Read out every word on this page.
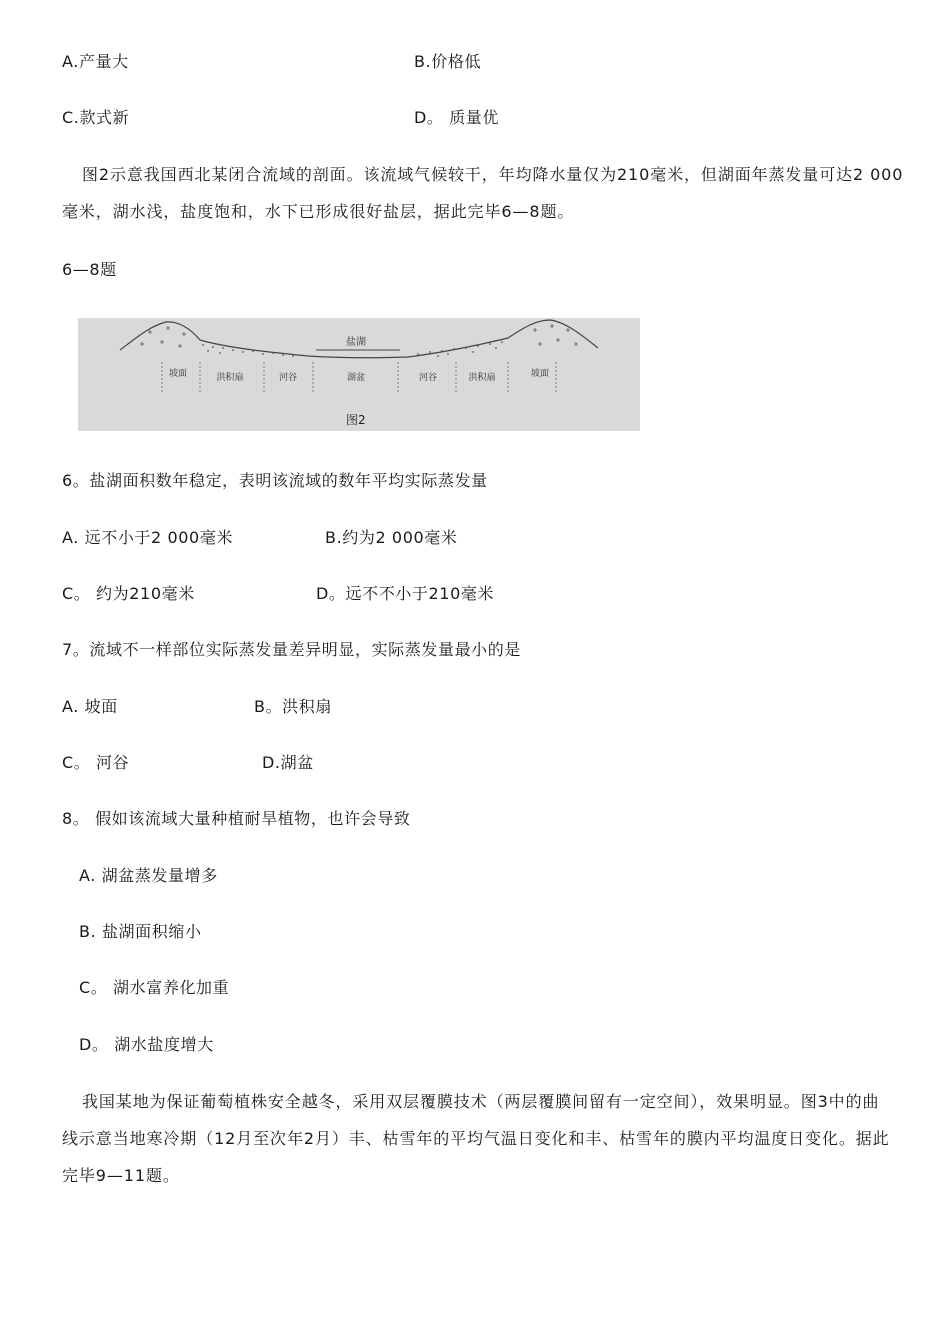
A.产量大	B.价格低
C.款式新	D。 质量优
图2示意我国西北某闭合流域的剖面。该流域气候较干，年均降水量仅为210毫米，但湖面年蒸发量可达2 000毫米，湖水浅，盐度饱和，水下已形成很好盐层，据此完毕6—8题。
6—8题
盐湖
坡面	洪积扇	河谷	湖盆	河谷	洪积扇	坡面
图2
6。盐湖面积数年稳定，表明该流域的数年平均实际蒸发量
A. 远不小于2 000毫米	B.约为2 000毫米
C。 约为210毫米	D。远不不小于210毫米
7。流域不一样部位实际蒸发量差异明显，实际蒸发量最小的是
A. 坡面	B。洪积扇
C。 河谷	D.湖盆
8。 假如该流域大量种植耐旱植物，也许会导致
A. 湖盆蒸发量增多
B. 盐湖面积缩小
C。 湖水富养化加重
D。 湖水盐度增大
我国某地为保证葡萄植株安全越冬，采用双层覆膜技术（两层覆膜间留有一定空间），效果明显。图3中的曲线示意当地寒冷期（12月至次年2月）丰、枯雪年的平均气温日变化和丰、枯雪年的膜内平均温度日变化。据此完毕9—11题。
